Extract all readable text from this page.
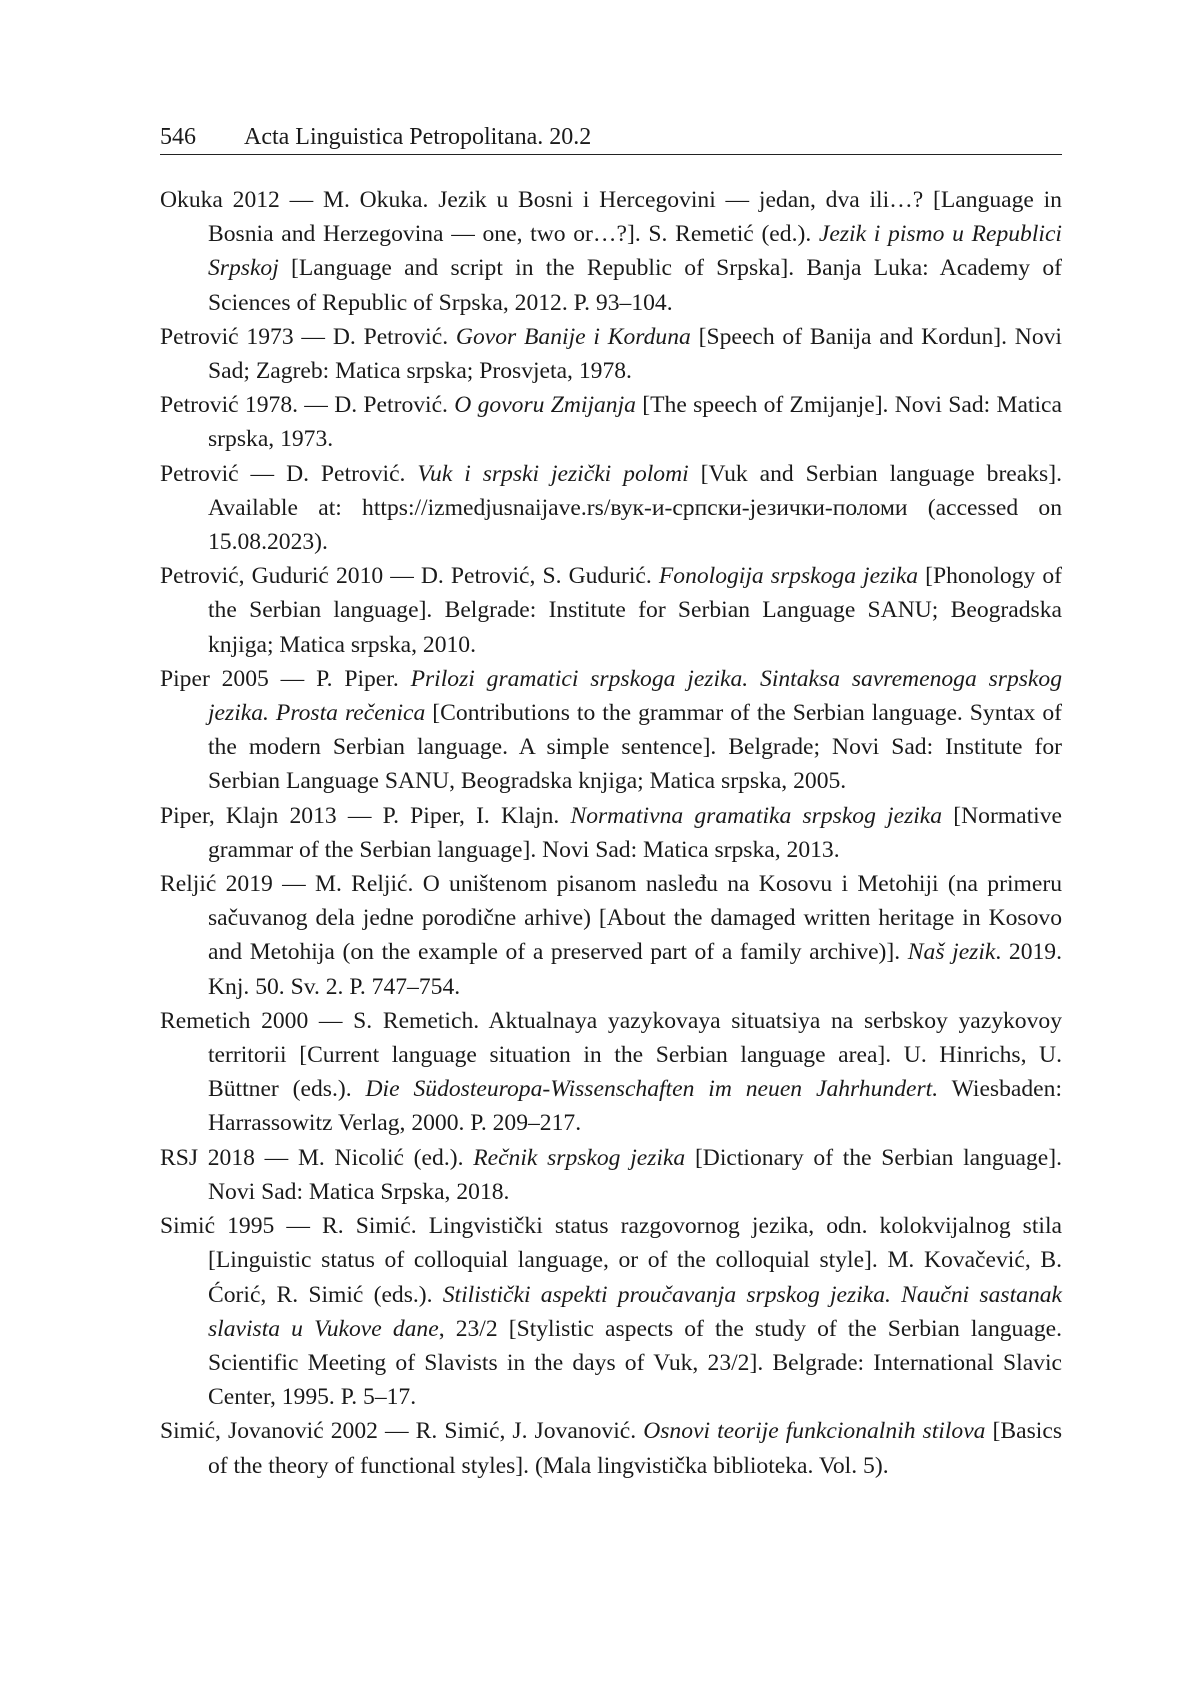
546 Acta Linguistica Petropolitana. 20.2

Okuka 2012 — M. Okuka. Jezik u Bosni i Hercegovini — jedan, dva ili…? [Language in Bosnia and Herzegovina — one, two or…?]. S. Remetić (ed.). Jezik i pismo u Republici Srpskoj [Language and script in the Republic of Srpska]. Banja Lu­ka: Academy of Sciences of Republic of Srpska, 2012. P. 93–104.

Petrović 1973 — D. Petrović. Govor Banije i Korduna [Speech of Banija and Kor­dun]. Novi Sad; Zagreb: Matica srpska; Prosvjeta, 1978.

Petrović 1978. — D. Petrović. O govoru Zmijanja [The speech of Zmijanje]. Novi Sad: Matica srpska, 1973.

Petrović — D. Petrović. Vuk i srpski jezički polomi [Vuk and Serbian language breaks]. Available at: https://izmedjusnaijave.rs/вук-и-српски-језички-поломи (accessed on 15.08.2023).

Petrović, Gudurić 2010 — D. Petrović, S. Gudurić. Fonologija srpskoga jezika [Pho­nology of the Serbian language]. Belgrade: Institute for Serbian Language SA­NU; Beogradska knjiga; Matica srpska, 2010.

Piper 2005 — P. Piper. Prilozi gramatici srpskoga jezika. Sintaksa savremenoga srp­skog jezika. Prosta rečenica [Contributions to the grammar of the Serbian lan­guage. Syntax of the modern Serbian language. A simple sentence]. Belgrade; Novi Sad: Institute for Serbian Language SANU, Beogradska knjiga; Matica srpska, 2005.

Piper, Klajn 2013 — P. Piper, I. Klajn. Normativna gramatika srpskog jezika [Norma­tive grammar of the Serbian language]. Novi Sad: Matica srpska, 2013.

Reljić 2019 — M. Reljić. O uništenom pisanom nasleđu na Kosovu i Metohiji (na primeru sačuvanog dela jedne porodične arhive) [About the damaged written heritage in Kosovo and Metohija (on the example of a preserved part of a family archive)]. Naš jezik. 2019. Knj. 50. Sv. 2. P. 747–754.

Remetich 2000 — S. Remetich. Aktualnaya yazykovaya situatsiya na serbskoy yazyko­voy territorii [Current language situation in the Serbian language area]. U. Hin­richs, U. Büttner (eds.). Die Südosteuropa-Wissenschaften im neuen Jahrhundert. Wiesbaden: Harrassowitz Verlag, 2000. P. 209–217.

RSJ 2018 — M. Nicolić (ed.). Rečnik srpskog jezika [Dictionary of the Serbian lan­guage]. Novi Sad: Matica Srpska, 2018.

Simić 1995 — R. Simić. Lingvistički status razgovornog jezika, odn. kolokvijal­nog stila [Linguistic status of colloquial language, or of the colloquial style]. M. Kovačević, B. Ćorić, R. Simić (eds.). Stilistički aspekti proučavanja srpskog jezika. Naučni sastanak slavista u Vukove dane, 23/2 [Stylistic aspects of the study of the Serbian language. Scientific Meeting of Slavists in the days of Vuk, 23/2]. Belgrade: International Slavic Center, 1995. P. 5–17.

Simić, Jovanović 2002 — R. Simić, J. Jovanović. Osnovi teorije funkcionalnih stilova [Basics of the theory of functional styles]. (Mala lingvistička biblioteka. Vol. 5).
